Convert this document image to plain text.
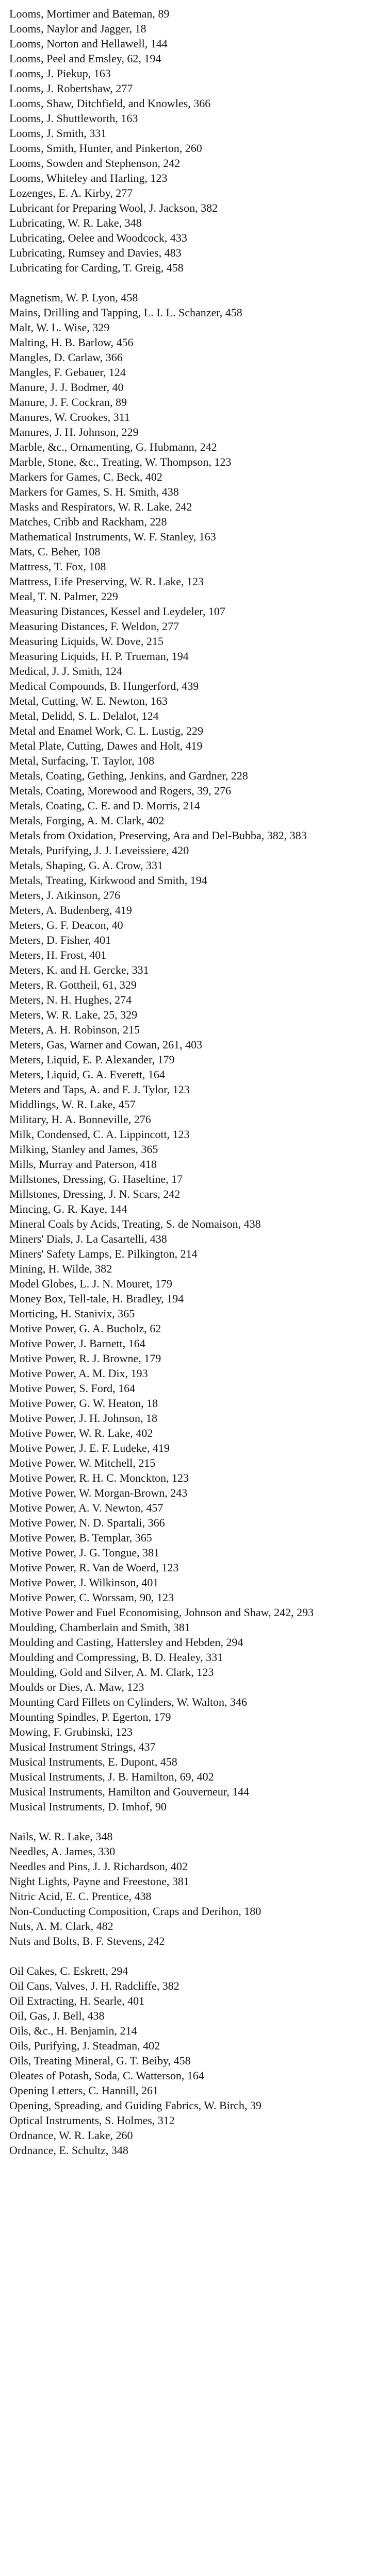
Looms, Mortimer and Bateman, 89
Looms, Naylor and Jagger, 18
Looms, Norton and Hellawell, 144
Looms, Peel and Emsley, 62, 194
Looms, J. Piekup, 163
Looms, J. Robertshaw, 277
Looms, Shaw, Ditchfield, and Knowles, 366
Looms, J. Shuttleworth, 163
Looms, J. Smith, 331
Looms, Smith, Hunter, and Pinkerton, 260
Looms, Sowden and Stephenson, 242
Looms, Whiteley and Harling, 123
Lozenges, E. A. Kirby, 277
Lubricant for Preparing Wool, J. Jackson, 382
Lubricating, W. R. Lake, 348
Lubricating, Oelee and Woodcock, 433
Lubricating, Rumsey and Davies, 483
Lubricating for Carding, T. Greig, 458
Magnetism, W. P. Lyon, 458
Mains, Drilling and Tapping, L. I. L. Schanzer, 458
Malt, W. L. Wise, 329
Malting, H. B. Barlow, 456
Mangles, D. Carlaw, 366
Mangles, F. Gebauer, 124
Manure, J. J. Bodmer, 40
Manure, J. F. Cockran, 89
Manures, W. Crookes, 311
Manures, J. H. Johnson, 229
Marble, &c., Ornamenting, G. Hubmann, 242
Marble, Stone, &c., Treating, W. Thompson, 123
Markers for Games, C. Beck, 402
Markers for Games, S. H. Smith, 438
Masks and Respirators, W. R. Lake, 242
Matches, Cribb and Rackham, 228
Mathematical Instruments, W. F. Stanley, 163
Mats, C. Beher, 108
Mattress, T. Fox, 108
Mattress, Life Preserving, W. R. Lake, 123
Meal, T. N. Palmer, 229
Measuring Distances, Kessel and Leydeler, 107
Measuring Distances, F. Weldon, 277
Measuring Liquids, W. Dove, 215
Measuring Liquids, H. P. Trueman, 194
Medical, J. J. Smith, 124
Medical Compounds, B. Hungerford, 439
Metal, Cutting, W. E. Newton, 163
Metal, Delidd, S. L. Delalot, 124
Metal and Enamel Work, C. L. Lustig, 229
Metal Plate, Cutting, Dawes and Holt, 419
Metal, Surfacing, T. Taylor, 108
Metals, Coating, Gething, Jenkins, and Gardner, 228
Metals, Coating, Morewood and Rogers, 39, 276
Metals, Coating, C. E. and D. Morris, 214
Metals, Forging, A. M. Clark, 402
Metals from Oxidation, Preserving, Ara and Del-Bubba, 382, 383
Metals, Purifying, J. J. Leveissiere, 420
Metals, Shaping, G. A. Crow, 331
Metals, Treating, Kirkwood and Smith, 194
Meters, J. Atkinson, 276
Meters, A. Budenberg, 419
Meters, G. F. Deacon, 40
Meters, D. Fisher, 401
Meters, H. Frost, 401
Meters, K. and H. Gercke, 331
Meters, R. Gottheil, 61, 329
Meters, N. H. Hughes, 274
Meters, W. R. Lake, 25, 329
Meters, A. H. Robinson, 215
Meters, Gas, Warner and Cowan, 261, 403
Meters, Liquid, E. P. Alexander, 179
Meters, Liquid, G. A. Everett, 164
Meters and Taps, A. and F. J. Tylor, 123
Middlings, W. R. Lake, 457
Military, H. A. Bonneville, 276
Milk, Condensed, C. A. Lippincott, 123
Milking, Stanley and James, 365
Mills, Murray and Paterson, 418
Millstones, Dressing, G. Haseltine, 17
Millstones, Dressing, J. N. Scars, 242
Mincing, G. R. Kaye, 144
Mineral Coals by Acids, Treating, S. de Nomaison, 438
Miners' Dials, J. La Casartelli, 438
Miners' Safety Lamps, E. Pilkington, 214
Mining, H. Wilde, 382
Model Globes, L. J. N. Mouret, 179
Money Box, Tell-tale, H. Bradley, 194
Morticing, H. Stanivix, 365
Motive Power, G. A. Bucholz, 62
Motive Power, J. Barnett, 164
Motive Power, R. J. Browne, 179
Motive Power, A. M. Dix, 193
Motive Power, S. Ford, 164
Motive Power, G. W. Heaton, 18
Motive Power, J. H. Johnson, 18
Motive Power, W. R. Lake, 402
Motive Power, J. E. F. Ludeke, 419
Motive Power, W. Mitchell, 215
Motive Power, R. H. C. Monckton, 123
Motive Power, W. Morgan-Brown, 243
Motive Power, A. V. Newton, 457
Motive Power, N. D. Spartali, 366
Motive Power, B. Templar, 365
Motive Power, J. G. Tongue, 381
Motive Power, R. Van de Woerd, 123
Motive Power, J. Wilkinson, 401
Motive Power, C. Worssam, 90, 123
Motive Power and Fuel Economising, Johnson and Shaw, 242, 293
Moulding, Chamberlain and Smith, 381
Moulding and Casting, Hattersley and Hebden, 294
Moulding and Compressing, B. D. Healey, 331
Moulding, Gold and Silver, A. M. Clark, 123
Moulds or Dies, A. Maw, 123
Mounting Card Fillets on Cylinders, W. Walton, 346
Mounting Spindles, P. Egerton, 179
Mowing, F. Grubinski, 123
Musical Instrument Strings, 437
Musical Instruments, E. Dupont, 458
Musical Instruments, J. B. Hamilton, 69, 402
Musical Instruments, Hamilton and Gouverneur, 144
Musical Instruments, D. Imhof, 90
Nails, W. R. Lake, 348
Needles, A. James, 330
Needles and Pins, J. J. Richardson, 402
Night Lights, Payne and Freestone, 381
Nitric Acid, E. C. Prentice, 438
Non-Conducting Composition, Craps and Derihon, 180
Nuts, A. M. Clark, 482
Nuts and Bolts, B. F. Stevens, 242
Oil Cakes, C. Eskrett, 294
Oil Cans, Valves, J. H. Radcliffe, 382
Oil Extracting, H. Searle, 401
Oil, Gas, J. Bell, 438
Oils, &c., H. Benjamin, 214
Oils, Purifying, J. Steadman, 402
Oils, Treating Mineral, G. T. Beiby, 458
Oleates of Potash, Soda, C. Watterson, 164
Opening Letters, C. Hannill, 261
Opening, Spreading, and Guiding Fabrics, W. Birch, 39
Optical Instruments, S. Holmes, 312
Ordnance, W. R. Lake, 260
Ordnance, E. Schultz, 348
